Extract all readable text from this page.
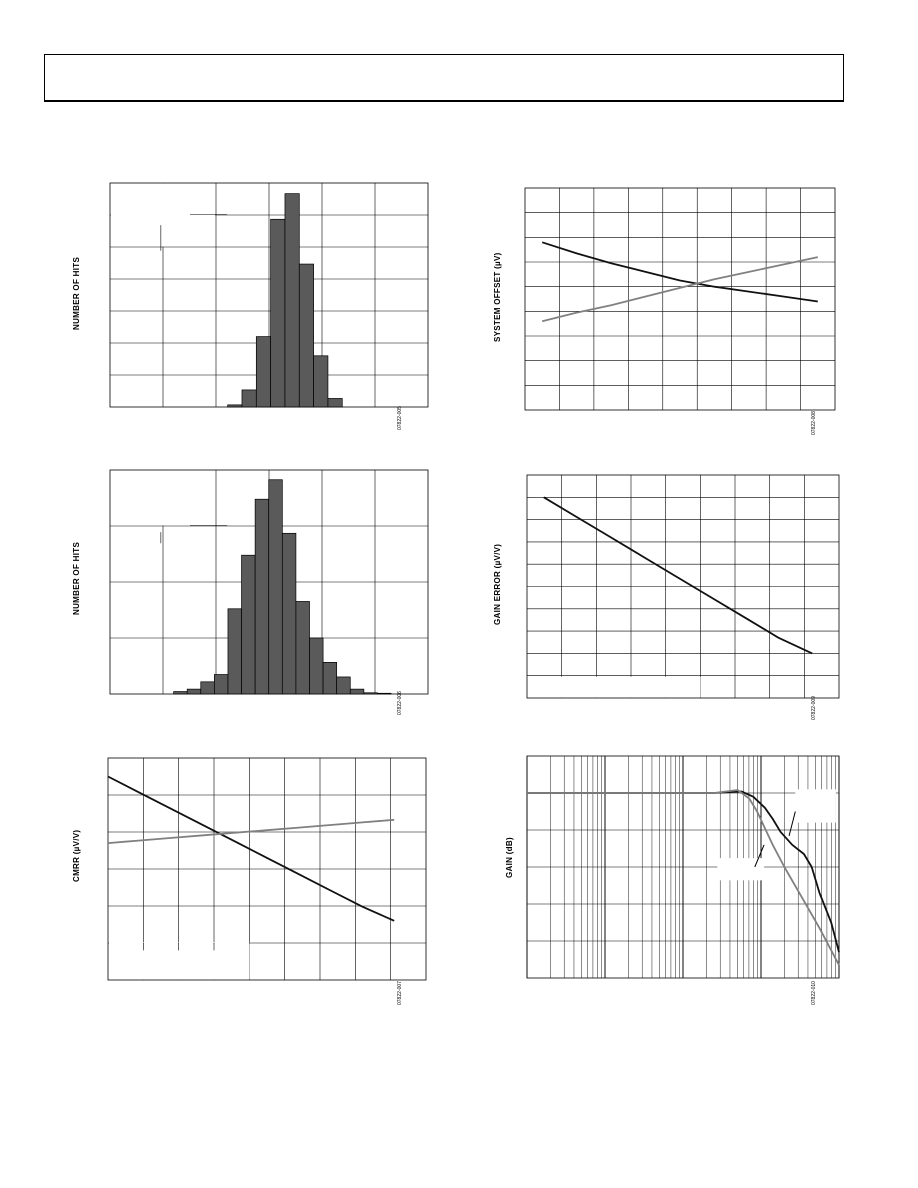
NUMBER OF HITS
07822-005
SYSTEM OFFSET (µV)
07822-008
NUMBER OF HITS
07822-006
GAIN ERROR (µV/V)
07822-009
CMRR (µV/V)
07822-007
GAIN (dB)
07822-010
